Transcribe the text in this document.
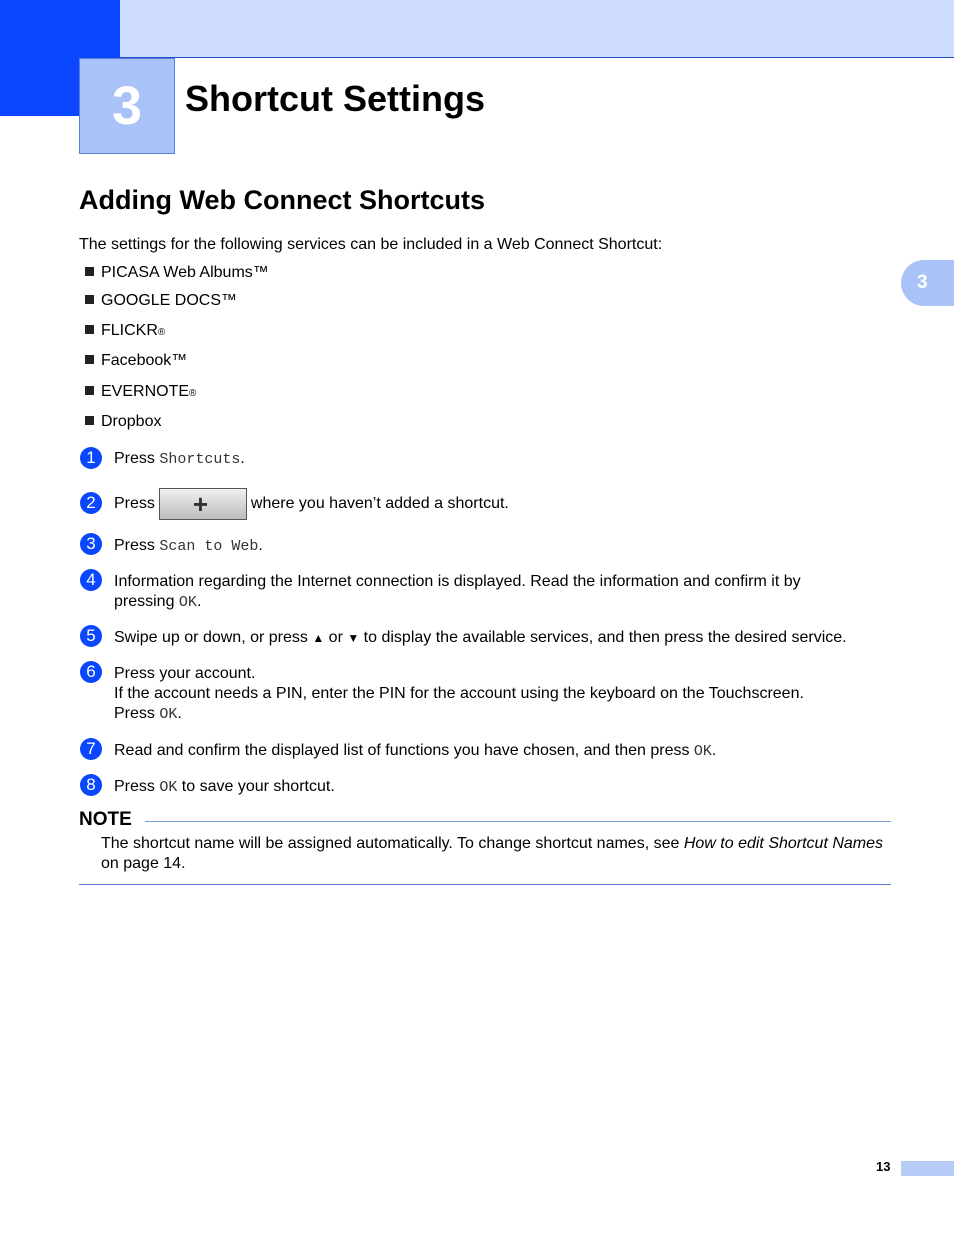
3	Shortcut Settings
Adding Web Connect Shortcuts
3
The settings for the following services can be included in a Web Connect Shortcut:
PICASA Web Albums™
GOOGLE DOCS™
FLICKR ®
Facebook™
EVERNOTE ®
Dropbox
1	Press Shortcuts.
2	Press +	where you haven’t added a shortcut.
3	Press Scan to Web.
4	Information regarding the Internet connection is displayed. Read the information and confirm it by
pressing OK.
5	Swipe up or down, or press ▲ or ▼ to display the available services, and then press the desired service.
6	Press your account.
If the account needs a PIN, enter the PIN for the account using the keyboard on the Touchscreen.
Press OK.
7	Read and confirm the displayed list of functions you have chosen, and then press OK.
8	Press OK to save your shortcut.
NOTE
The shortcut name will be assigned automatically. To change shortcut names, see How to edit Shortcut Names on page 14.
13
